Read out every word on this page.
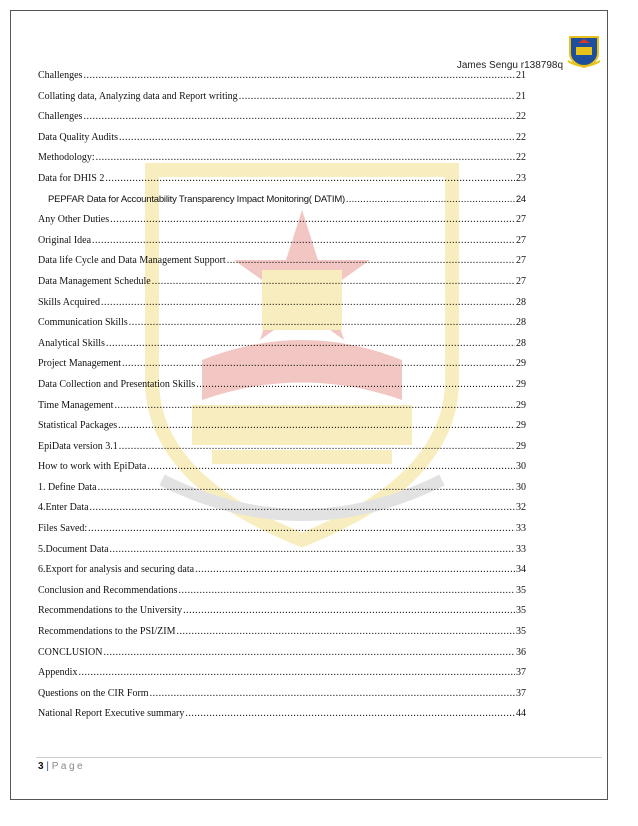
James Sengu r138798q
Challenges .....	21
Collating data, Analyzing data and Report writing .....	21
Challenges .....	22
Data Quality Audits .....	22
Methodology: .....	22
Data for DHIS 2 .....	23
PEPFAR Data for Accountability Transparency Impact Monitoring( DATIM) .....	24
Any Other Duties .....	27
Original Idea .....	27
Data life Cycle and Data Management Support .....	27
Data Management Schedule .....	27
Skills Acquired .....	28
Communication Skills .....	28
Analytical Skills .....	28
Project Management .....	29
Data Collection and Presentation Skills .....	29
Time Management .....	29
Statistical Packages .....	29
EpiData version 3.1 .....	29
How to work with EpiData .....	30
1. Define Data .....	30
4.Enter Data .....	32
Files Saved: .....	33
5.Document Data .....	33
6.Export for analysis and securing data .....	34
Conclusion and Recommendations .....	35
Recommendations to the University .....	35
Recommendations to the PSI/ZIM .....	35
CONCLUSION .....	36
Appendix .....	37
Questions on the CIR Form .....	37
National Report Executive summary .....	44
3 | Page
